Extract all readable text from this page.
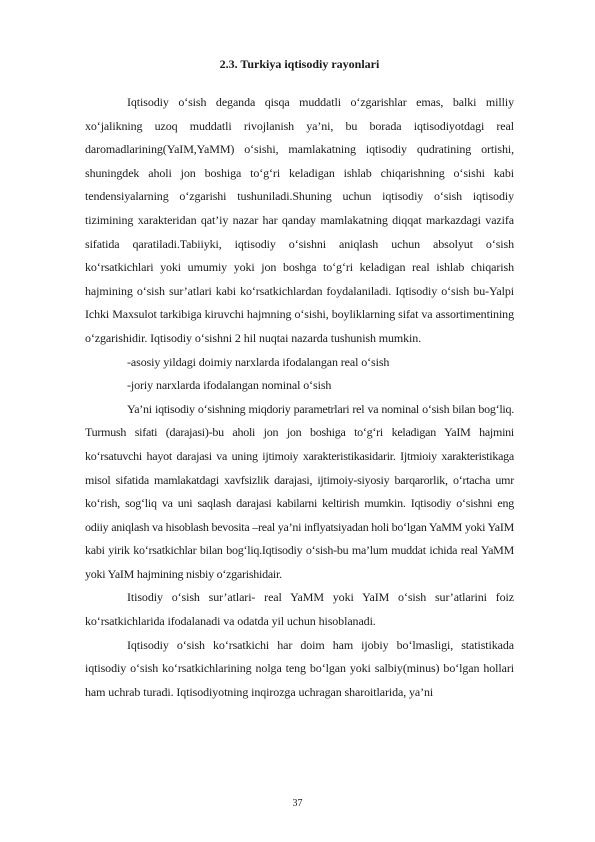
2.3. Turkiya iqtisodiy rayonlari

Iqtisodiy o‘sish deganda qisqa muddatli o‘zgarishlar emas, balki milliy xo‘jalikning uzoq muddatli rivojlanish ya’ni, bu borada iqtisodiyotdagi real daromadlarining(YaIM,YaMM) o‘sishi, mamlakatning iqtisodiy qudratining ortishi, shuningdek aholi jon boshiga to‘g‘ri keladigan ishlab chiqarishning o‘sishi kabi tendensiyalarning o‘zgarishi tushuniladi.Shuning uchun iqtisodiy o‘sish iqtisodiy tizimining xarakteridan qat’iy nazar har qanday mamlakatning diqqat markazdagi vazifa sifatida qaratiladi.Tabiiyki, iqtisodiy o‘sishni aniqlash uchun absolyut o‘sish ko‘rsatkichlari yoki umumiy yoki jon boshga to‘g‘ri keladigan real ishlab chiqarish hajmining o‘sish sur’atlari kabi ko‘rsatkichlardan foydalaniladi. Iqtisodiy o‘sish bu-Yalpi Ichki Maxsulot tarkibiga kiruvchi hajmning o‘sishi, boyliklarning sifat va assortimentining o‘zgarishidir. Iqtisodiy o‘sishni 2 hil nuqtai nazarda tushunish mumkin.

-asosiy yildagi doimiy narxlarda ifodalangan real o‘sish

-joriy narxlarda ifodalangan nominal o‘sish

Ya’ni iqtisodiy o‘sishning miqdoriy parametrlari rel va nominal o‘sish bilan bog‘liq. Turmush sifati (darajasi)-bu aholi jon jon boshiga to‘g‘ri keladigan YaIM hajmini ko‘rsatuvchi hayot darajasi va uning ijtimoiy xarakteristikasidarir. Ijtmioiy xarakteristikaga misol sifatida mamlakatdagi xavfsizlik darajasi, ijtimoiy-siyosiy barqarorlik, o‘rtacha umr ko‘rish, sog‘liq va uni saqlash darajasi kabilarni keltirish mumkin. Iqtisodiy o‘sishni eng odiiy aniqlash va hisoblash bevosita –real ya’ni inflyatsiyadan holi bo‘lgan YaMM yoki YaIM kabi yirik ko‘rsatkichlar bilan bog‘liq.Iqtisodiy o‘sish-bu ma’lum muddat ichida real YaMM yoki YaIM hajmining nisbiy o‘zgarishidair.

Itisodiy o‘sish sur’atlari- real YaMM yoki YaIM o‘sish sur’atlarini foiz ko‘rsatkichlarida ifodalanadi va odatda yil uchun hisoblanadi.

Iqtisodiy o‘sish ko‘rsatkichi har doim ham ijobiy bo‘lmasligi, statistikada iqtisodiy o‘sish ko‘rsatkichlarining nolga teng bo‘lgan yoki salbiy(minus) bo‘lgan hollari ham uchrab turadi. Iqtisodiyotning inqirozga uchragan sharoitlarida, ya’ni

37
